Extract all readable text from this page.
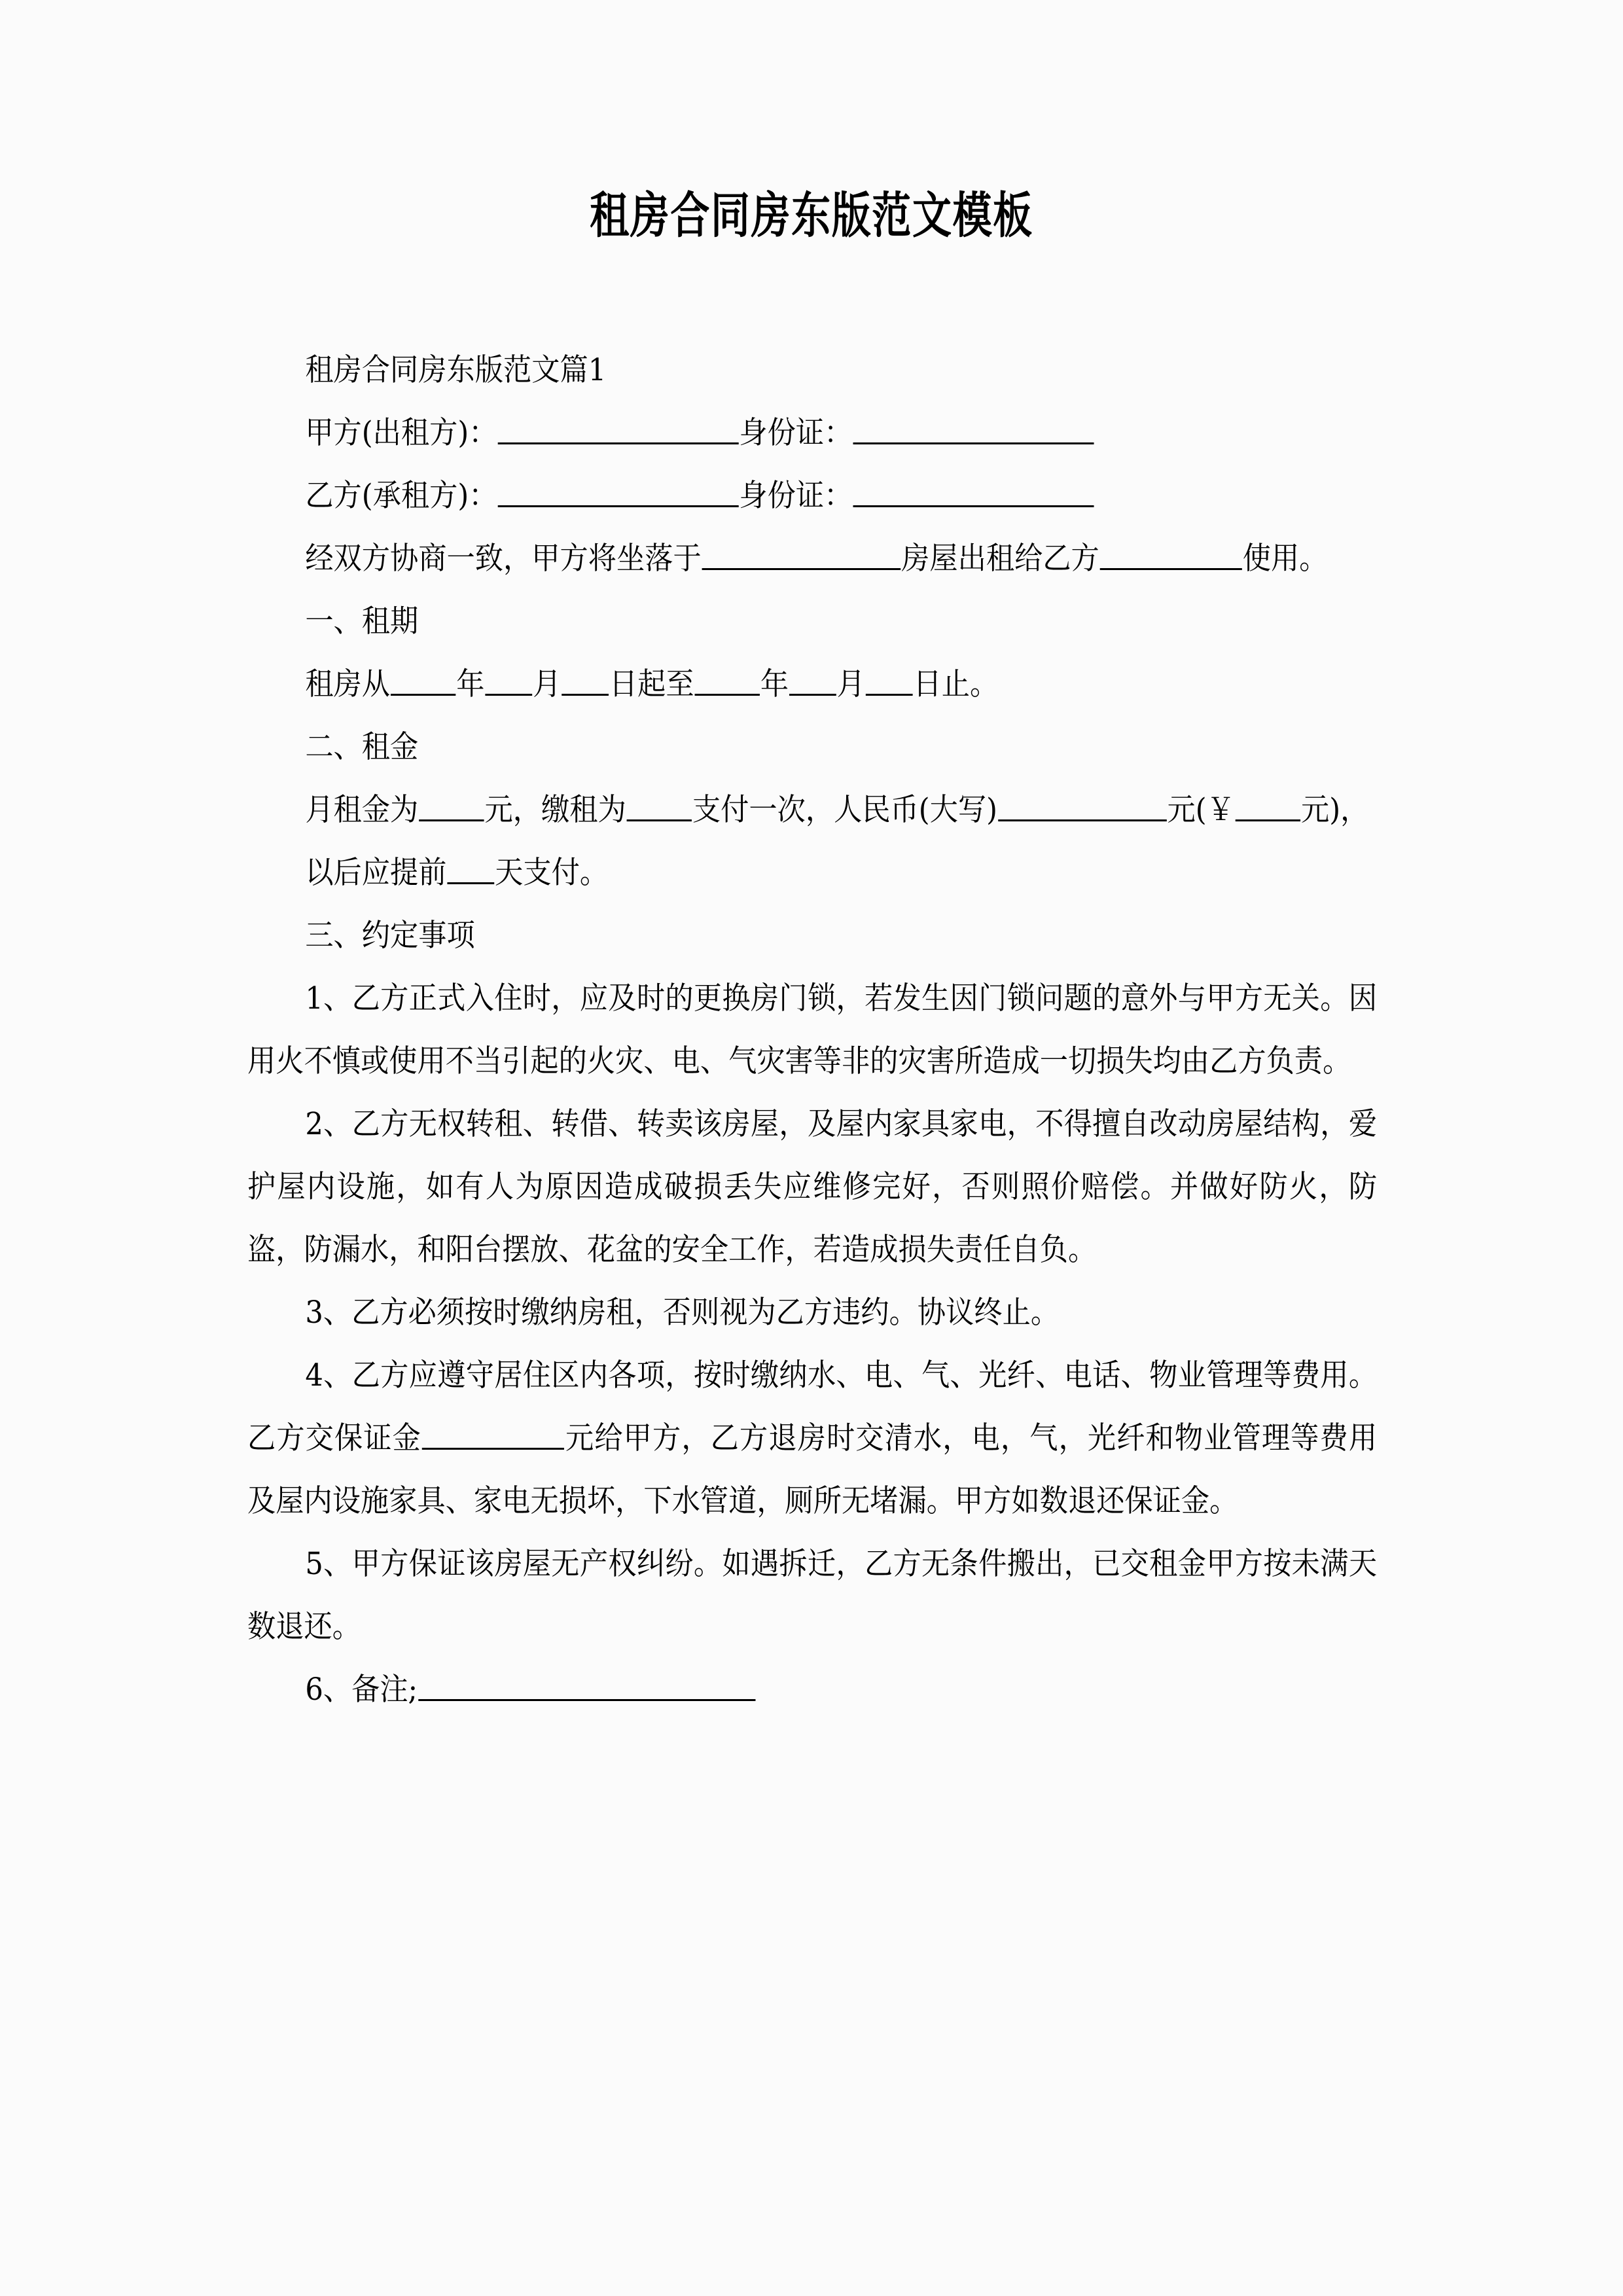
租房合同房东版范文模板

租房合同房东版范文篇1

甲方(出租方)：	身份证：

乙方(承租方)：	身份证：

经双方协商一致，甲方将坐落于	房屋出租给乙方	使用。

一、租期

租房从 年 月 日起至 年 月 日止。

二、租金

月租金为 元，缴租为 支付一次，人民币(大写)	元(￥ 元)，

以后应提前 天支付。

三、约定事项

1、乙方正式入住时，应及时的更换房门锁，若发生因门锁问题的意外与甲方无关。因用火不慎或使用不当引起的火灾、电、气灾害等非的灾害所造成一切损失均由乙方负责。

2、乙方无权转租、转借、转卖该房屋，及屋内家具家电，不得擅自改动房屋结构，爱护屋内设施，如有人为原因造成破损丢失应维修完好，否则照价赔偿。并做好防火，防盗，防漏水，和阳台摆放、花盆的安全工作，若造成损失责任自负。

3、乙方必须按时缴纳房租，否则视为乙方违约。协议终止。

4、乙方应遵守居住区内各项，按时缴纳水、电、气、光纤、电话、物业管理等费用。乙方交保证金	元给甲方，乙方退房时交清水，电，气，光纤和物业管理等费用及屋内设施家具、家电无损坏，下水管道，厕所无堵漏。甲方如数退还保证金。

5、甲方保证该房屋无产权纠纷。如遇拆迁，乙方无条件搬出，已交租金甲方按未满天数退还。

6、备注;
